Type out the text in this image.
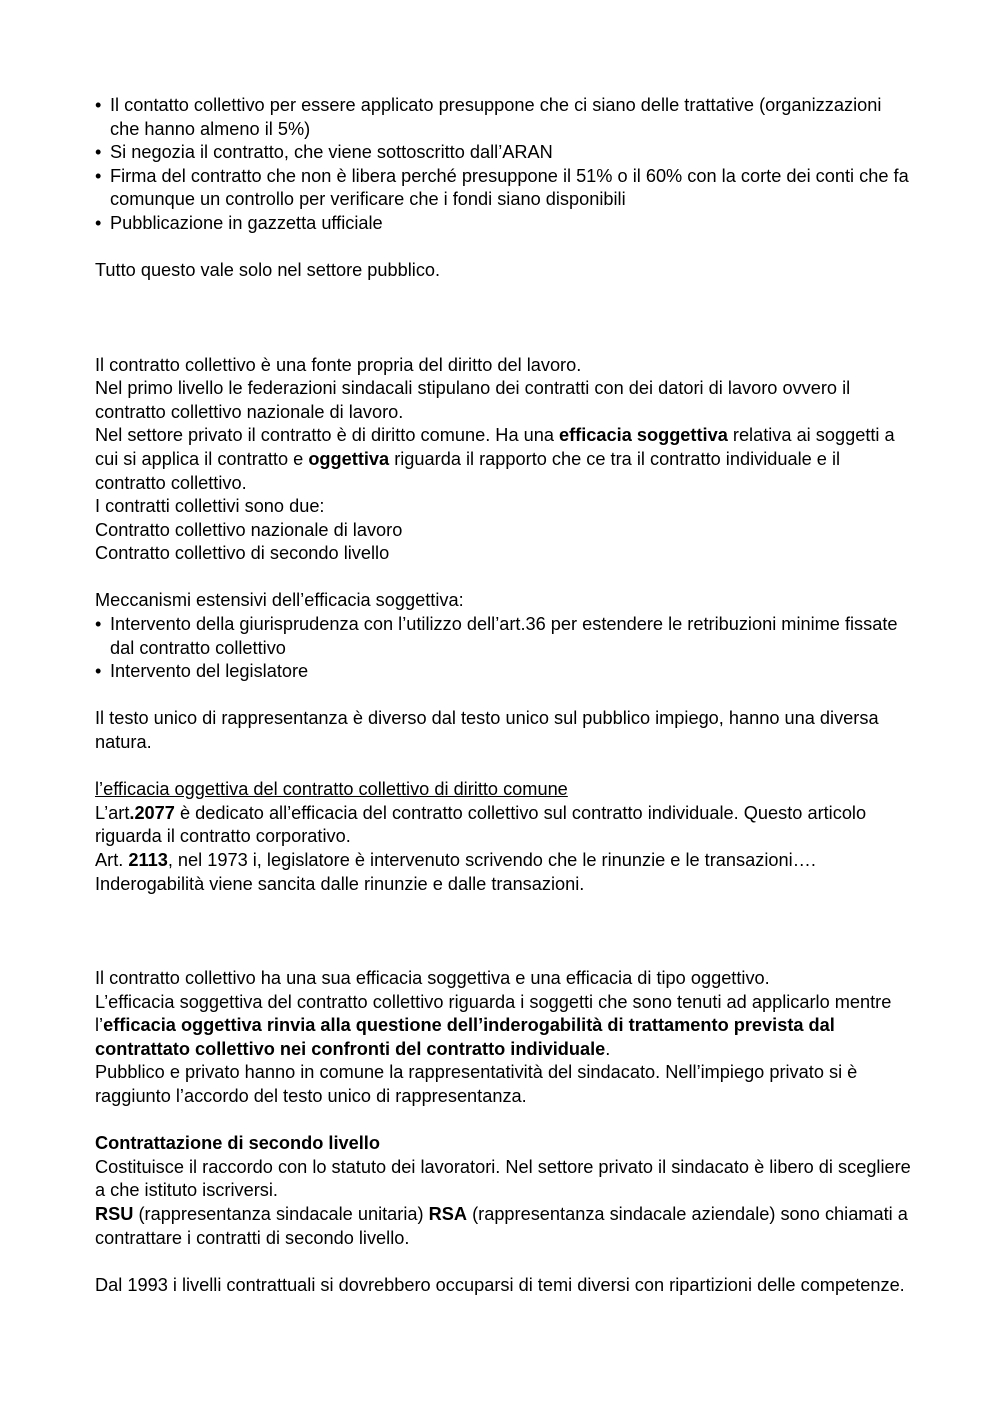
• Il contatto collettivo per essere applicato presuppone che ci siano delle trattative (organizzazioni che hanno almeno il 5%)
• Si negozia il contratto, che viene sottoscritto dall’ARAN
• Firma del contratto che non è libera perché presuppone il 51% o il 60% con la corte dei conti che fa comunque un controllo per verificare che i fondi siano disponibili
• Pubblicazione in gazzetta ufficiale

Tutto questo vale solo nel settore pubblico.

Il contratto collettivo è una fonte propria del diritto del lavoro.

Nel primo livello le federazioni sindacali stipulano dei contratti con dei datori di lavoro ovvero il contratto collettivo nazionale di lavoro.

Nel settore privato il contratto è di diritto comune. Ha una efficacia soggettiva relativa ai soggetti a cui si applica il contratto e oggettiva riguarda il rapporto che ce tra il contratto individuale e il contratto collettivo.

I contratti collettivi sono due:

Contratto collettivo nazionale di lavoro

Contratto collettivo di secondo livello

Meccanismi estensivi dell’efficacia soggettiva:

• Intervento della giurisprudenza con l’utilizzo dell’art.36 per estendere le retribuzioni minime fissate dal contratto collettivo
• Intervento del legislatore

Il testo unico di rappresentanza è diverso dal testo unico sul pubblico impiego, hanno una diversa natura.

l’efficacia oggettiva del contratto collettivo di diritto comune

L’art.2077 è dedicato all’efficacia del contratto collettivo sul contratto individuale. Questo articolo riguarda il contratto corporativo.

Art. 2113, nel 1973 i, legislatore è intervenuto scrivendo che le rinunzie e le transazioni….

Inderogabilità viene sancita dalle rinunzie e dalle transazioni.

Il contratto collettivo ha una sua efficacia soggettiva e una efficacia di tipo oggettivo.

L’efficacia soggettiva del contratto collettivo riguarda i soggetti che sono tenuti ad applicarlo mentre l’efficacia oggettiva rinvia alla questione dell’inderogabilità di trattamento prevista dal contrattato collettivo nei confronti del contratto individuale.

Pubblico e privato hanno in comune la rappresentatività del sindacato. Nell’impiego privato si è raggiunto l’accordo del testo unico di rappresentanza.

Contrattazione di secondo livello

Costituisce il raccordo con lo statuto dei lavoratori. Nel settore privato il sindacato è libero di scegliere a che istituto iscriversi.

RSU (rappresentanza sindacale unitaria) RSA (rappresentanza sindacale aziendale) sono chiamati a contrattare i contratti di secondo livello.

Dal 1993 i livelli contrattuali si dovrebbero occuparsi di temi diversi con ripartizioni delle competenze.
